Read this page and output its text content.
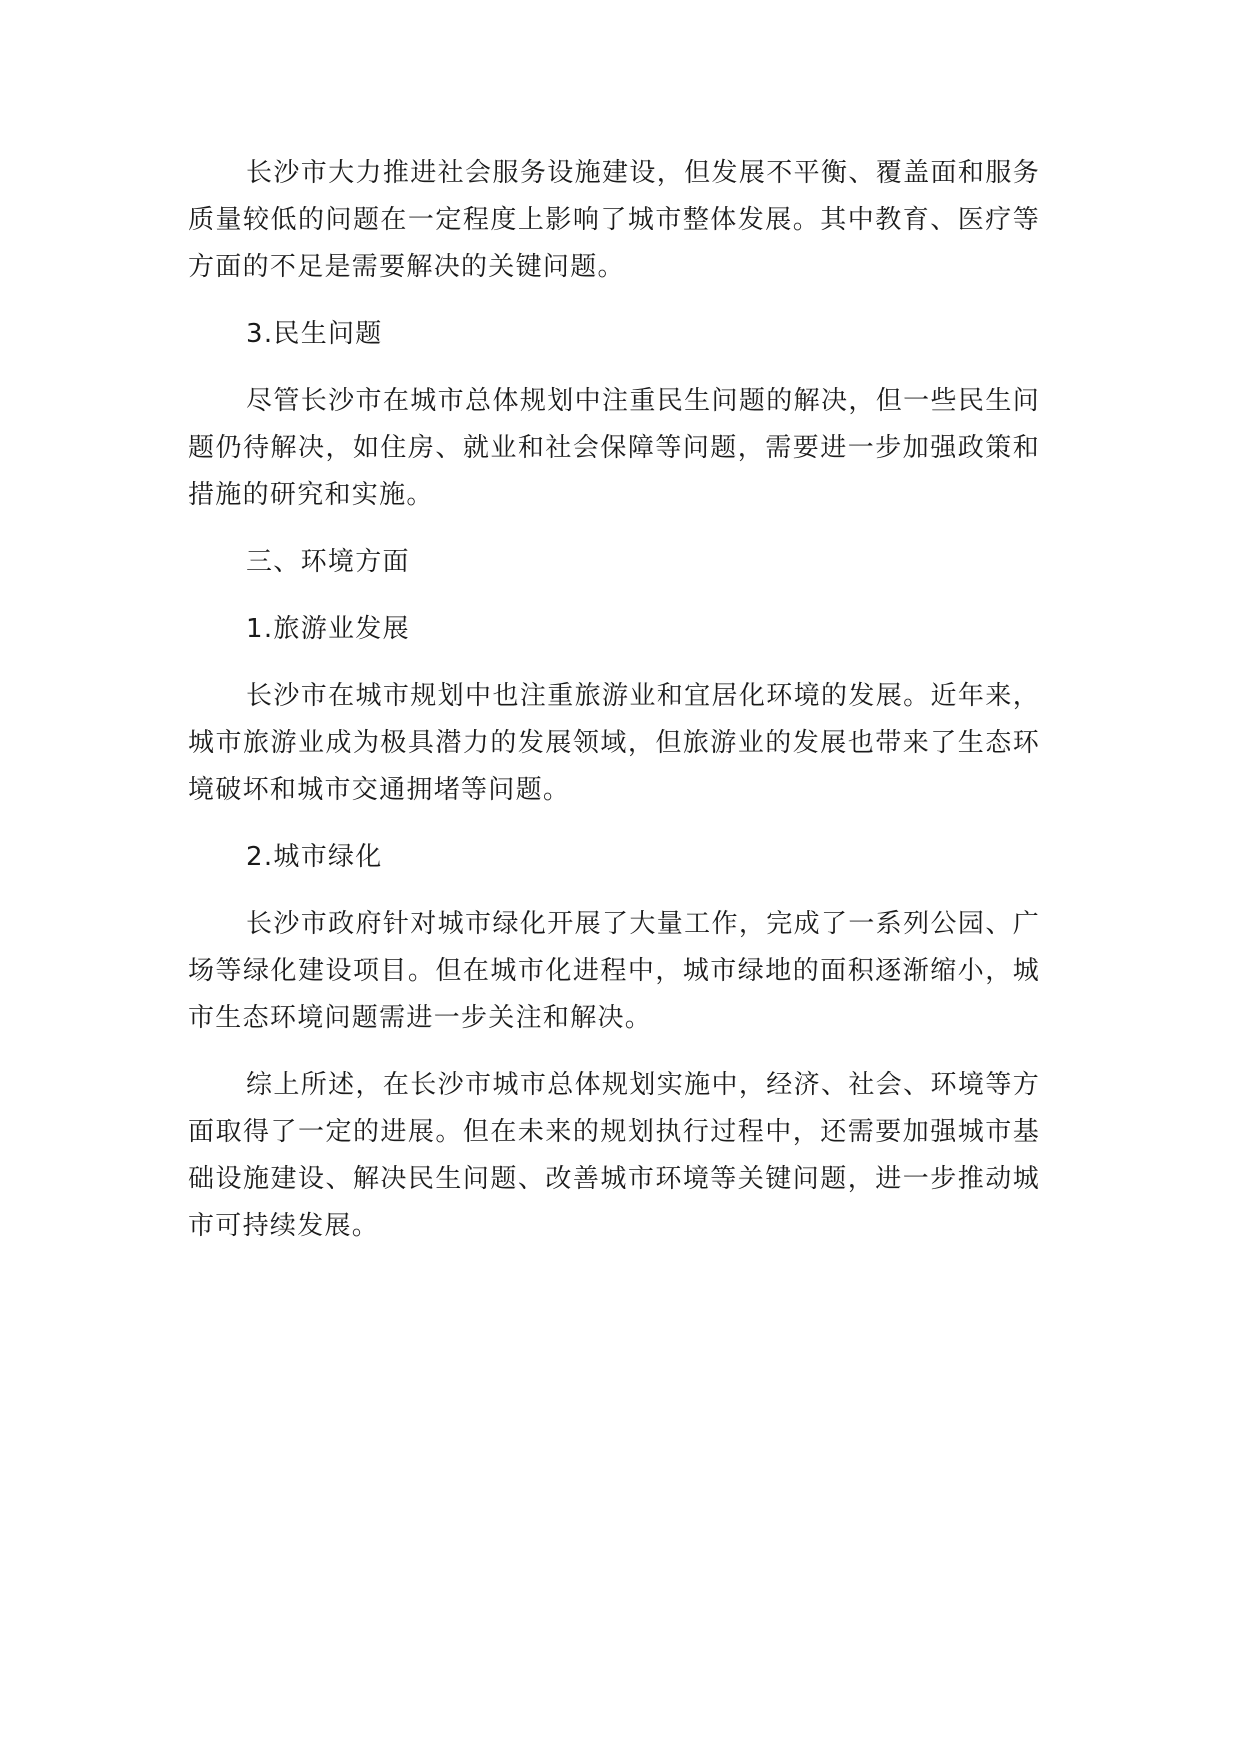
长沙市大力推进社会服务设施建设，但发展不平衡、覆盖面和服务质量较低的问题在一定程度上影响了城市整体发展。其中教育、医疗等方面的不足是需要解决的关键问题。

3.民生问题

尽管长沙市在城市总体规划中注重民生问题的解决，但一些民生问题仍待解决，如住房、就业和社会保障等问题，需要进一步加强政策和措施的研究和实施。

三、环境方面

1.旅游业发展

长沙市在城市规划中也注重旅游业和宜居化环境的发展。近年来，城市旅游业成为极具潜力的发展领域，但旅游业的发展也带来了生态环境破坏和城市交通拥堵等问题。

2.城市绿化

长沙市政府针对城市绿化开展了大量工作，完成了一系列公园、广场等绿化建设项目。但在城市化进程中，城市绿地的面积逐渐缩小，城市生态环境问题需进一步关注和解决。

综上所述，在长沙市城市总体规划实施中，经济、社会、环境等方面取得了一定的进展。但在未来的规划执行过程中，还需要加强城市基础设施建设、解决民生问题、改善城市环境等关键问题，进一步推动城市可持续发展。
